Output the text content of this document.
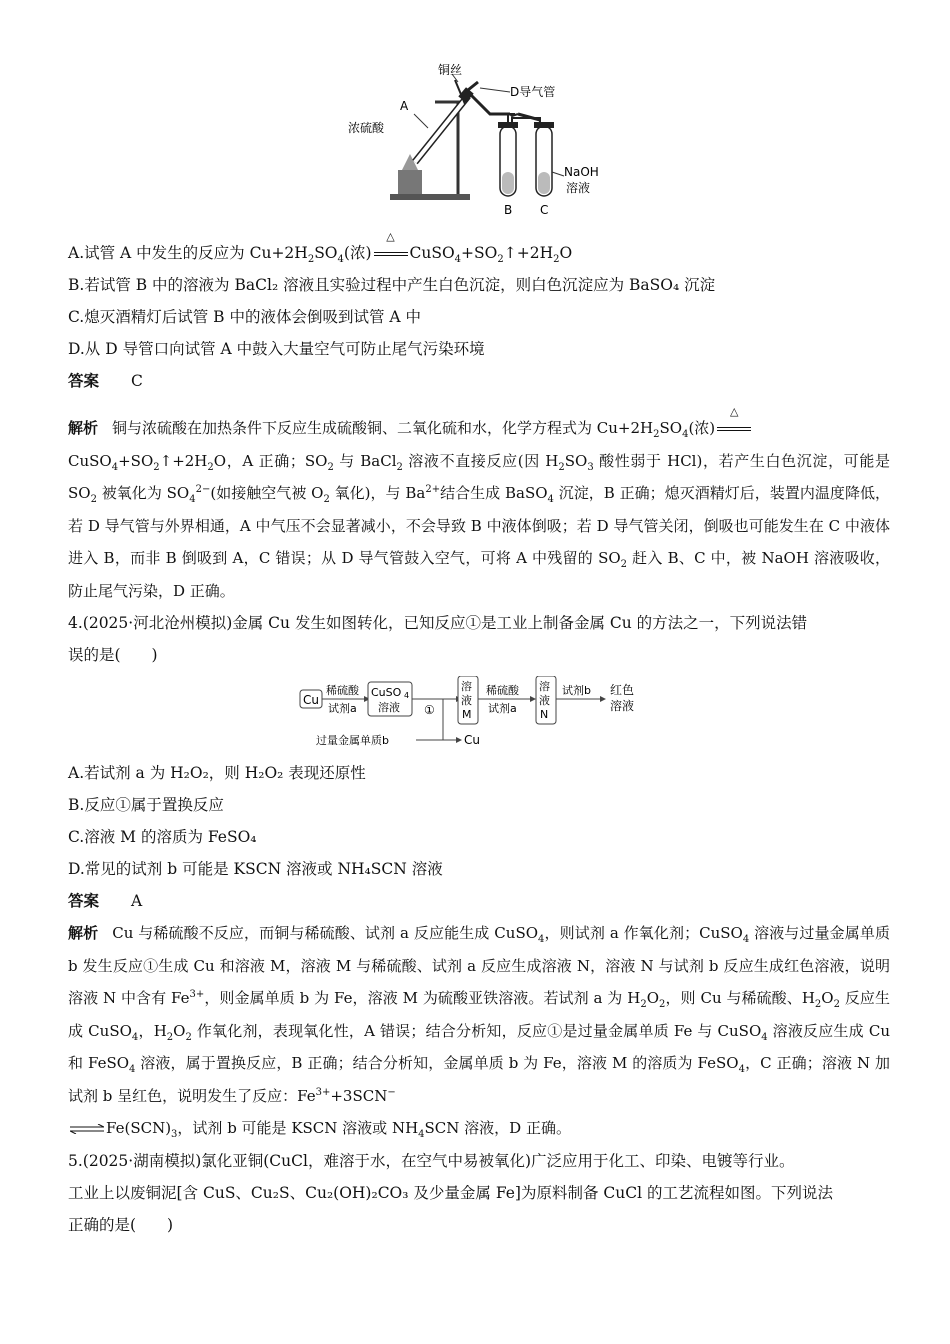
铜丝
D导气管
A
浓硫酸
NaOH
溶液
B C
A.试管 A 中发生的反应为 $Cu+2H_2SO_4$(浓)
△
$CuSO_4+SO_2↑+2H_2O$
B.若试管 B 中的溶液为 BaCl₂ 溶液且实验过程中产生白色沉淀，则白色沉淀应为 BaSO₄ 沉淀
C.熄灭酒精灯后试管 B 中的液体会倒吸到试管 A 中
D.从 D 导管口向试管 A 中鼓入大量空气可防止尾气污染环境
答案 C
解析 铜与浓硫酸在加热条件下反应生成硫酸铜、二氧化硫和水，化学方程式为 $Cu+2H_2SO_4$(浓)
△

$CuSO_4+SO_2↑+2H_2O$，A 正确；$SO_2$ 与 BaCl$_2$ 溶液不直接反应(因 $H_2SO_3$ 酸性弱于 HCl)，若产生白色沉淀，可能是 $SO_2$ 被氧化为 $SO_4^{2-}$(如接触空气被 $O_2$ 氧化)，与 $Ba^{2+}$结合生成 BaSO$_4$ 沉淀，B 正确；熄灭酒精灯后，装置内温度降低，若 D 导气管与外界相通，A 中气压不会显著减小，不会导致 B 中液体倒吸；若 D 导气管关闭，倒吸也可能发生在 C 中液体进入 B，而非 B 倒吸到 A，C 错误；从 D 导气管鼓入空气，可将 A 中残留的 $SO_2$ 赶入 B、C 中，被 NaOH 溶液吸收，防止尾气污染，D 正确。
4.(2025·河北沧州模拟)金属 Cu 发生如图转化，已知反应①是工业上制备金属 Cu 的方法之一，下列说法错
误的是(　　)
Cu
稀硫酸
试剂a
CuSO 4
溶液 ①
Cu
过量金属单质b
溶
液
M
稀硫酸
试剂a
溶
液
N
试剂b 红色
溶液
A.若试剂 a 为 H₂O₂，则 H₂O₂ 表现还原性
B.反应①属于置换反应
C.溶液 M 的溶质为 FeSO₄
D.常见的试剂 b 可能是 KSCN 溶液或 NH₄SCN 溶液
答案 A
解析 Cu 与稀硫酸不反应，而铜与稀硫酸、试剂 a 反应能生成 CuSO$_4$，则试剂 a 作氧化剂；CuSO$_4$ 溶液与过量金属单质 b 发生反应①生成 Cu 和溶液 M，溶液 M 与稀硫酸、试剂 a 反应生成溶液 N，溶液 N 与试剂 b 反应生成红色溶液，说明溶液 N 中含有 $Fe^{3+}$，则金属单质 b 为 Fe，溶液 M 为硫酸亚铁溶液。若试剂 a 为 $H_2O_2$，则 Cu 与稀硫酸、$H_2O_2$ 反应生成 CuSO$_4$，$H_2O_2$ 作氧化剂，表现氧化性，A 错误；结合分析知，反应①是过量金属单质 Fe 与 CuSO$_4$ 溶液反应生成 Cu 和 FeSO$_4$ 溶液，属于置换反应，B 正确；结合分析知，金属单质 b 为 Fe，溶液 M 的溶质为 FeSO$_4$，C 正确；溶液 N 加试剂 b 呈红色，说明发生了反应：$Fe^{3+}+3SCN^-$
⇌ $Fe(SCN)_3$，试剂 b 可能是 KSCN 溶液或 $NH_4SCN$ 溶液，D 正确。
5.(2025·湖南模拟)氯化亚铜(CuCl，难溶于水，在空气中易被氧化)广泛应用于化工、印染、电镀等行业。
工业上以废铜泥[含 CuS、Cu₂S、Cu₂(OH)₂CO₃ 及少量金属 Fe]为原料制备 CuCl 的工艺流程如图。下列说法
正确的是(　　)
